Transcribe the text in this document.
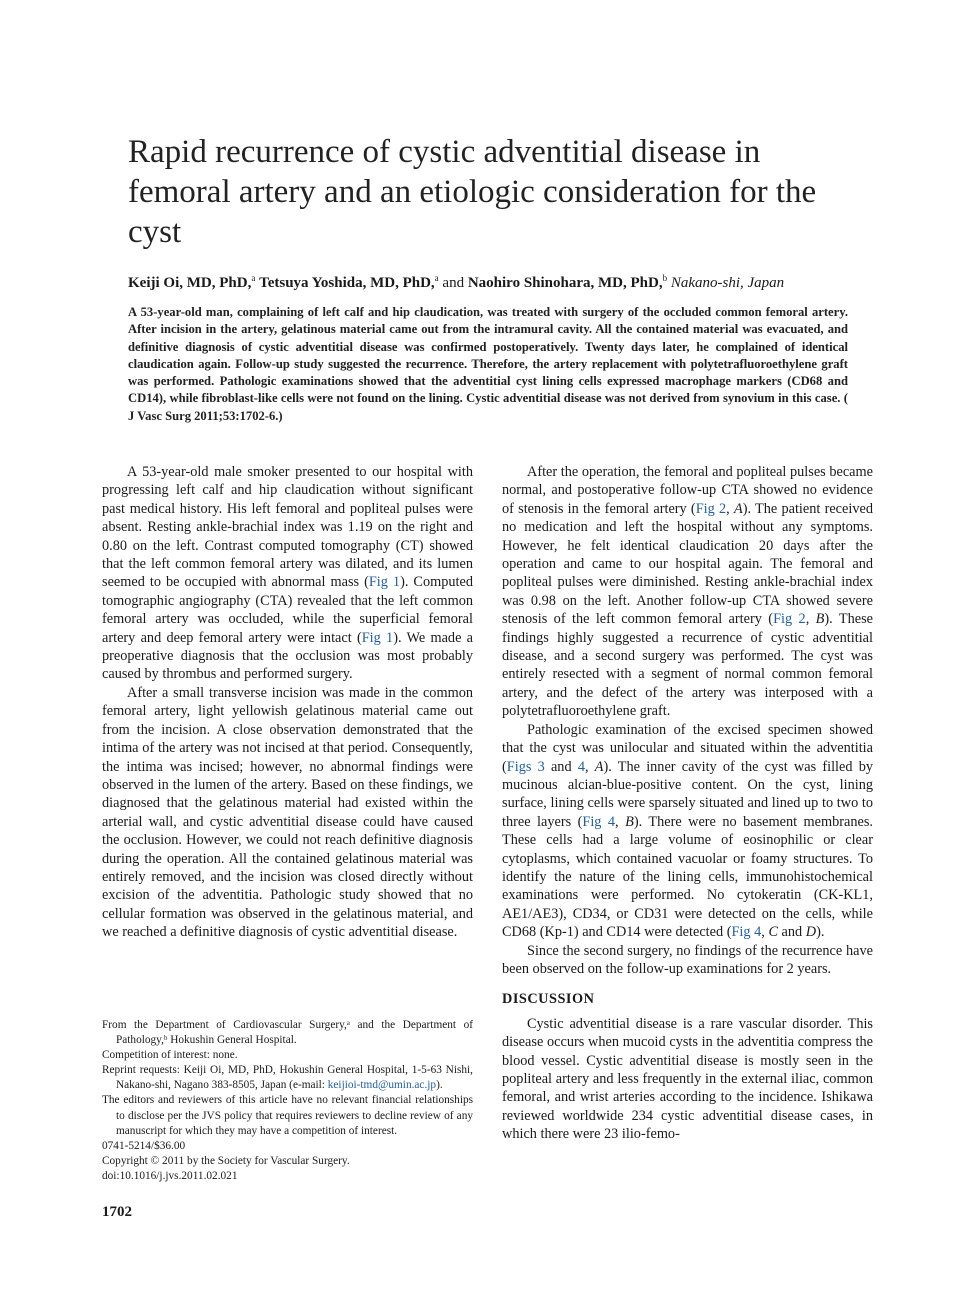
Rapid recurrence of cystic adventitial disease in femoral artery and an etiologic consideration for the cyst
Keiji Oi, MD, PhD,$^a$ Tetsuya Yoshida, MD, PhD,$^a$ and Naohiro Shinohara, MD, PhD,$^b$ Nakano-shi, Japan
A 53-year-old man, complaining of left calf and hip claudication, was treated with surgery of the occluded common femoral artery. After incision in the artery, gelatinous material came out from the intramural cavity. All the contained material was evacuated, and definitive diagnosis of cystic adventitial disease was confirmed postoperatively. Twenty days later, he complained of identical claudication again. Follow-up study suggested the recurrence. Therefore, the artery replacement with polytetrafluoroethylene graft was performed. Pathologic examinations showed that the adventitial cyst lining cells expressed macrophage markers (CD68 and CD14), while fibroblast-like cells were not found on the lining. Cystic adventitial disease was not derived from synovium in this case. ( J Vasc Surg 2011;53:1702-6.)

A 53-year-old male smoker presented to our hospital with progressing left calf and hip claudication without significant past medical history. His left femoral and popliteal pulses were absent. Resting ankle-brachial index was 1.19 on the right and 0.80 on the left. Contrast computed tomography (CT) showed that the left common femoral artery was dilated, and its lumen seemed to be occupied with abnormal mass (Fig 1). Computed tomographic angiography (CTA) revealed that the left common femoral artery was occluded, while the superficial femoral artery and deep femoral artery were intact (Fig 1). We made a preoperative diagnosis that the occlusion was most probably caused by thrombus and performed surgery.

After a small transverse incision was made in the common femoral artery, light yellowish gelatinous material came out from the incision. A close observation demonstrated that the intima of the artery was not incised at that period. Consequently, the intima was incised; however, no abnormal findings were observed in the lumen of the artery. Based on these findings, we diagnosed that the gelatinous material had existed within the arterial wall, and cystic adventitial disease could have caused the occlusion. However, we could not reach definitive diagnosis during the operation. All the contained gelatinous material was entirely removed, and the incision was closed directly without excision of the adventitia. Pathologic study showed that no cellular formation was observed in the gelatinous material, and we reached a definitive diagnosis of cystic adventitial disease.

From the Department of Cardiovascular Surgery,ᵃ and the Department of Pathology,ᵇ Hokushin General Hospital.

Competition of interest: none.

Reprint requests: Keiji Oi, MD, PhD, Hokushin General Hospital, 1-5-63 Nishi, Nakano-shi, Nagano 383-8505, Japan (e-mail: keijioi-tmd@umin.ac.jp).

The editors and reviewers of this article have no relevant financial relationships to disclose per the JVS policy that requires reviewers to decline review of any manuscript for which they may have a competition of interest.

0741-5214/$36.00

Copyright © 2011 by the Society for Vascular Surgery.

doi:10.1016/j.jvs.2011.02.021

After the operation, the femoral and popliteal pulses became normal, and postoperative follow-up CTA showed no evidence of stenosis in the femoral artery (Fig 2, A). The patient received no medication and left the hospital without any symptoms. However, he felt identical claudication 20 days after the operation and came to our hospital again. The femoral and popliteal pulses were diminished. Resting ankle-brachial index was 0.98 on the left. Another follow-up CTA showed severe stenosis of the left common femoral artery (Fig 2, B). These findings highly suggested a recurrence of cystic adventitial disease, and a second surgery was performed. The cyst was entirely resected with a segment of normal common femoral artery, and the defect of the artery was interposed with a polytetrafluoroethylene graft.

Pathologic examination of the excised specimen showed that the cyst was unilocular and situated within the adventitia (Figs 3 and 4, A). The inner cavity of the cyst was filled by mucinous alcian-blue-positive content. On the cyst, lining surface, lining cells were sparsely situated and lined up to two to three layers (Fig 4, B). There were no basement membranes. These cells had a large volume of eosinophilic or clear cytoplasms, which contained vacuolar or foamy structures. To identify the nature of the lining cells, immunohistochemical examinations were performed. No cytokeratin (CK-KL1, AE1/AE3), CD34, or CD31 were detected on the cells, while CD68 (Kp-1) and CD14 were detected (Fig 4, C and D).

Since the second surgery, no findings of the recurrence have been observed on the follow-up examinations for 2 years.

DISCUSSION

Cystic adventitial disease is a rare vascular disorder. This disease occurs when mucoid cysts in the adventitia compress the blood vessel. Cystic adventitial disease is mostly seen in the popliteal artery and less frequently in the external iliac, common femoral, and wrist arteries according to the incidence. Ishikawa reviewed worldwide 234 cystic adventitial disease cases, in which there were 23 ilio-femo-

1702
